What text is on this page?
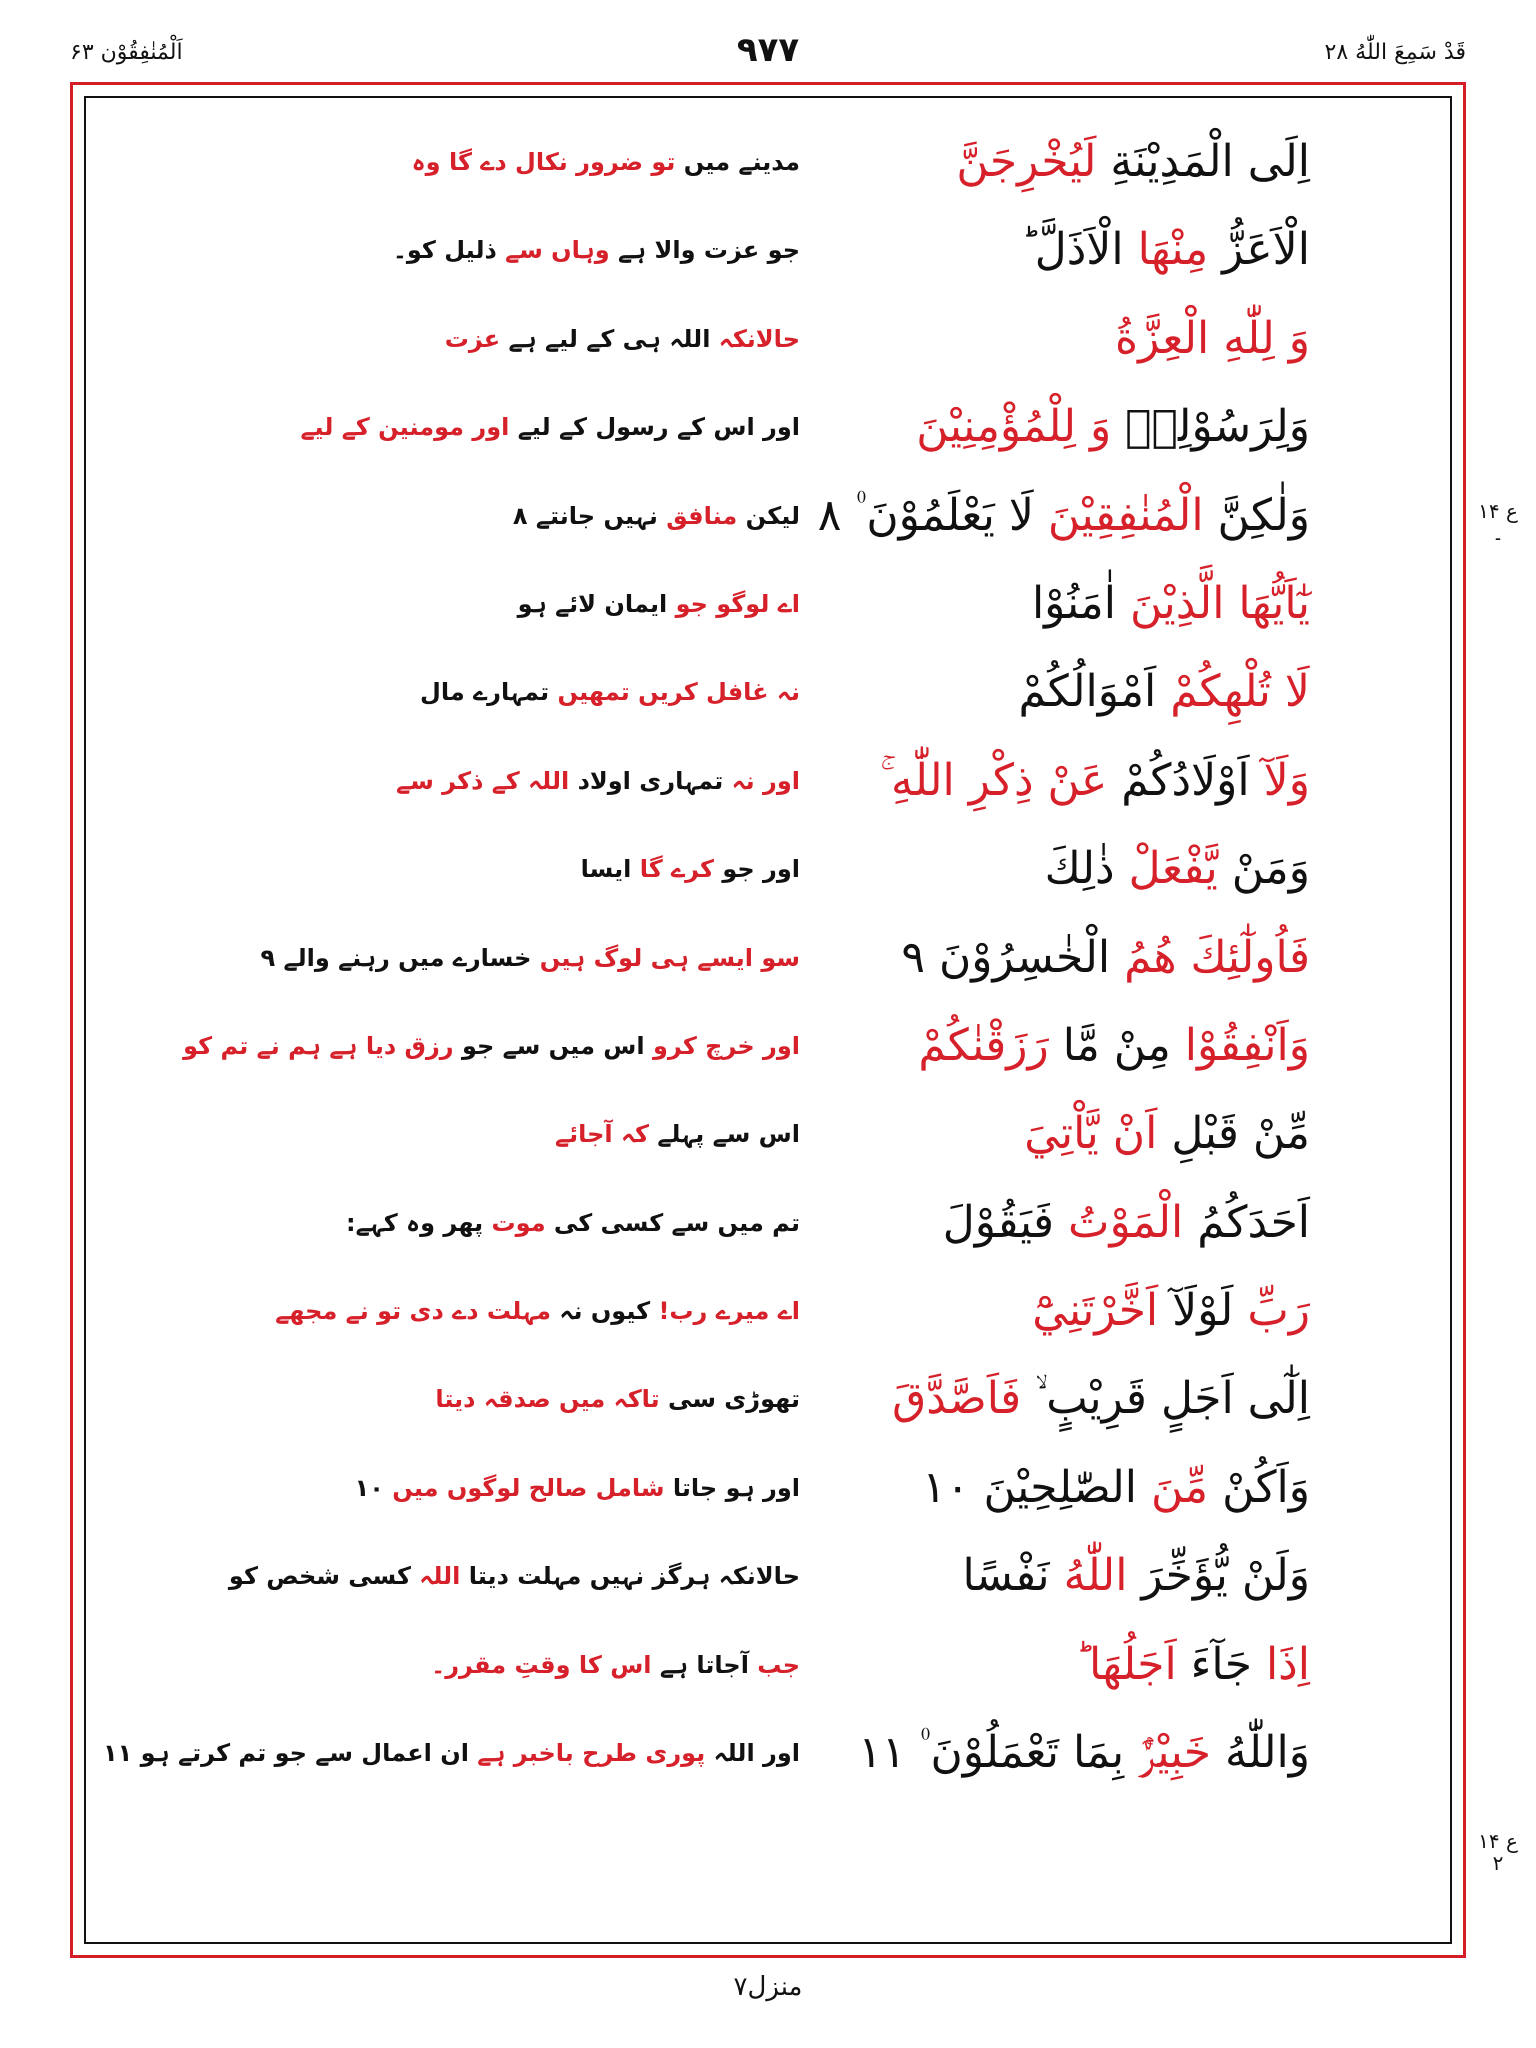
قَدْ سَمِعَ اللّٰهُ ۲۸
۹۷۷
اَلْمُنٰفِقُوْن ۶۳
ع ۱۴ ۔
ع ۱۴ ۲
اِلَى الْمَدِيْنَةِ لَيُخْرِجَنَّ
مدینے میں تو ضرور نکال دے گا وہ
الْاَعَزُّ مِنْهَا الْاَذَلَّ ؕ
جو عزت والا ہے وہاں سے ذلیل کو۔
وَ لِلّٰهِ الْعِزَّةُ
حالانکہ اللہ ہی کے لیے ہے عزت
وَلِرَسُوْلِهٖ وَ لِلْمُؤْمِنِيْنَ
اور اس کے رسول کے لیے اور مومنین کے لیے
وَلٰكِنَّ الْمُنٰفِقِيْنَ لَا يَعْلَمُوْنَ ۠ ۸
لیکن منافق نہیں جانتے ۸
يٰٓاَيُّهَا الَّذِيْنَ اٰمَنُوْا
اے لوگو جو ایمان لائے ہو
لَا تُلْهِكُمْ اَمْوَالُكُمْ
نہ غافل کریں تمھیں تمہارے مال
وَلَآ اَوْلَادُكُمْ عَنْ ذِكْرِ اللّٰهِ ۚ
اور نہ تمہاری اولاد اللہ کے ذکر سے
وَمَنْ يَّفْعَلْ ذٰلِكَ
اور جو کرے گا ایسا
فَاُولٰٓئِكَ هُمُ الْخٰسِرُوْنَ ۹
سو ایسے ہی لوگ ہیں خسارے میں رہنے والے ۹
وَاَنْفِقُوْا مِنْ مَّا رَزَقْنٰكُمْ
اور خرچ کرو اس میں سے جو رزق دیا ہے ہم نے تم کو
مِّنْ قَبْلِ اَنْ يَّاْتِيَ
اس سے پہلے کہ آجائے
اَحَدَكُمُ الْمَوْتُ فَيَقُوْلَ
تم میں سے کسی کی موت پھر وہ کہے:
رَبِّ لَوْلَآ اَخَّرْتَنِيْٓ
اے میرے رب! کیوں نہ مہلت دے دی تو نے مجھے
اِلٰٓى اَجَلٍ قَرِيْبٍ ۙ فَاَصَّدَّقَ
تھوڑی سی تاکہ میں صدقہ دیتا
وَاَكُنْ مِّنَ الصّٰلِحِيْنَ ۱۰
اور ہو جاتا شامل صالح لوگوں میں ۱۰
وَلَنْ يُّؤَخِّرَ اللّٰهُ نَفْسًا
حالانکہ ہرگز نہیں مہلت دیتا اللہ کسی شخص کو
اِذَا جَآءَ اَجَلُهَا ؕ
جب آجاتا ہے اس کا وقتِ مقرر۔
وَاللّٰهُ خَبِيْرٌۢ بِمَا تَعْمَلُوْنَ ۠ ۱۱
اور اللہ پوری طرح باخبر ہے ان اعمال سے جو تم کرتے ہو ۱۱
منزل۷
